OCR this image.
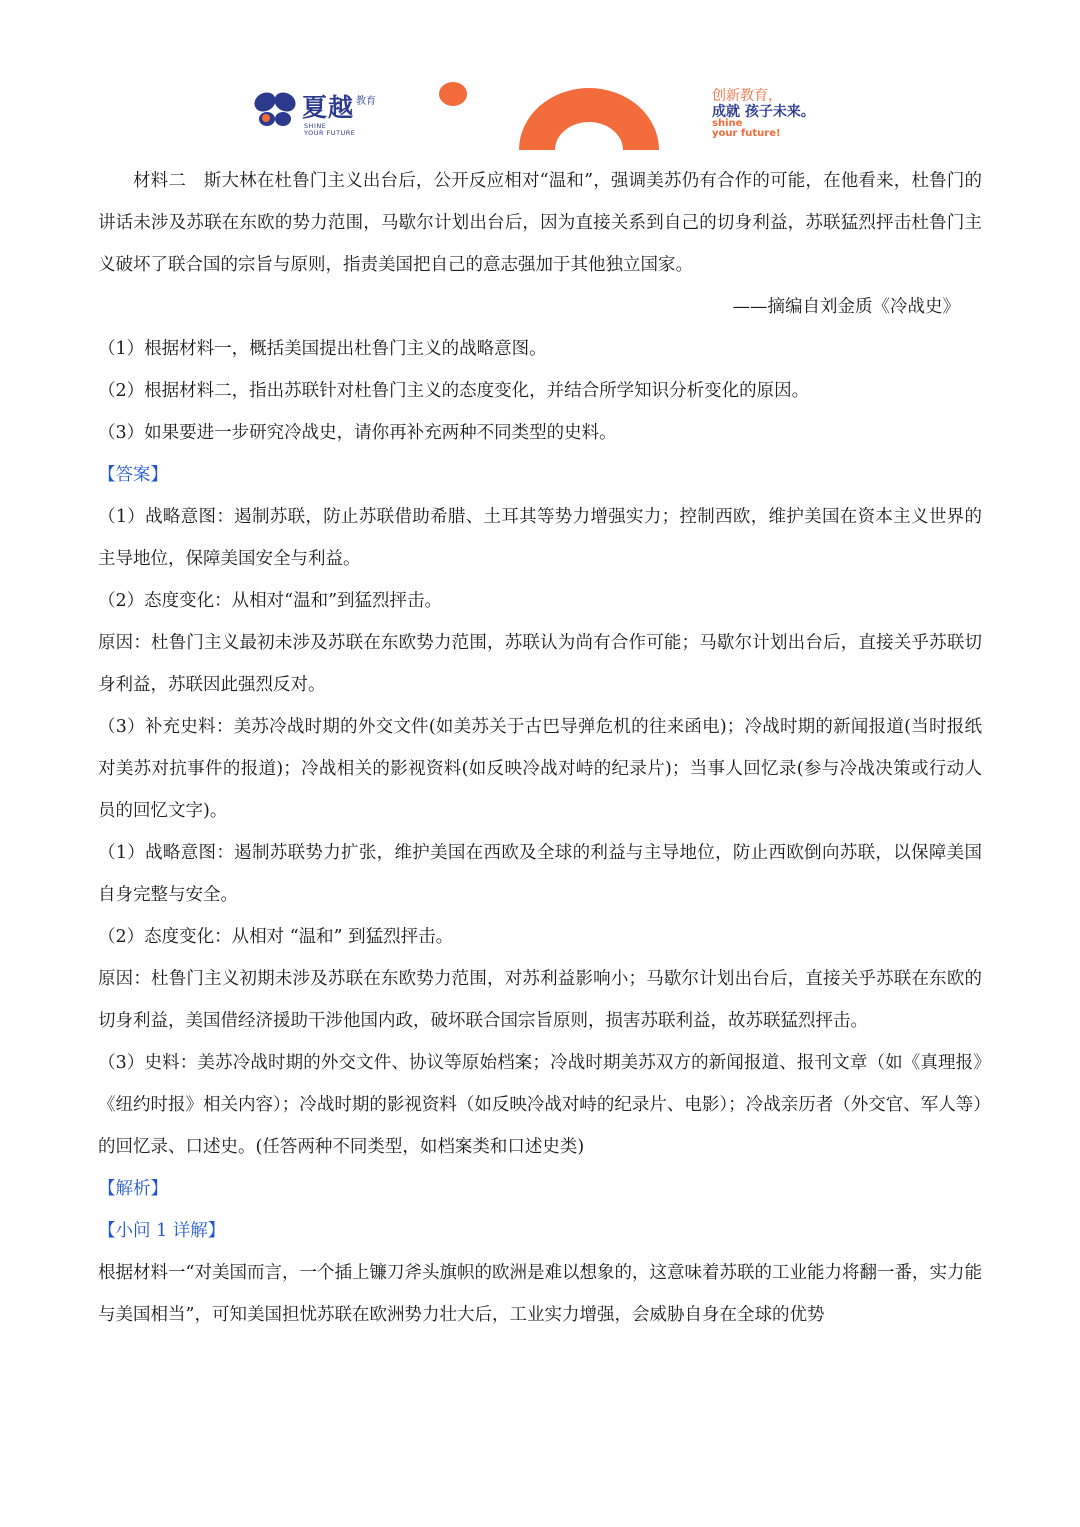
夏越 教育
SHINE
YOUR FUTURE
创新教育，
成就 孩子未来。
shine
your future!

材料二　斯大林在杜鲁门主义出台后，公开反应相对“温和”，强调美苏仍有合作的可能，在他看来，杜鲁门的讲话未涉及苏联在东欧的势力范围，马歇尔计划出台后，因为直接关系到自己的切身利益，苏联猛烈抨击杜鲁门主义破坏了联合国的宗旨与原则，指责美国把自己的意志强加于其他独立国家。

——摘编自刘金质《冷战史》

（1）根据材料一，概括美国提出杜鲁门主义的战略意图。

（2）根据材料二，指出苏联针对杜鲁门主义的态度变化，并结合所学知识分析变化的原因。

（3）如果要进一步研究冷战史，请你再补充两种不同类型的史料。

【答案】

（1）战略意图：遏制苏联，防止苏联借助希腊、土耳其等势力增强实力；控制西欧，维护美国在资本主义世界的主导地位，保障美国安全与利益。

（2）态度变化：从相对“温和”到猛烈抨击。

原因：杜鲁门主义最初未涉及苏联在东欧势力范围，苏联认为尚有合作可能；马歇尔计划出台后，直接关乎苏联切身利益，苏联因此强烈反对。

（3）补充史料：美苏冷战时期的外交文件(如美苏关于古巴导弹危机的往来函电)；冷战时期的新闻报道(当时报纸对美苏对抗事件的报道)；冷战相关的影视资料(如反映冷战对峙的纪录片)；当事人回忆录(参与冷战决策或行动人员的回忆文字)。

（1）战略意图：遏制苏联势力扩张，维护美国在西欧及全球的利益与主导地位，防止西欧倒向苏联，以保障美国自身完整与安全。

（2）态度变化：从相对 “温和” 到猛烈抨击。

原因：杜鲁门主义初期未涉及苏联在东欧势力范围，对苏利益影响小；马歇尔计划出台后，直接关乎苏联在东欧的切身利益，美国借经济援助干涉他国内政，破坏联合国宗旨原则，损害苏联利益，故苏联猛烈抨击。

（3）史料：美苏冷战时期的外交文件、协议等原始档案；冷战时期美苏双方的新闻报道、报刊文章（如《真理报》《纽约时报》相关内容）；冷战时期的影视资料（如反映冷战对峙的纪录片、电影）；冷战亲历者（外交官、军人等）的回忆录、口述史。(任答两种不同类型，如档案类和口述史类)

【解析】

【小问 1 详解】

根据材料一“对美国而言，一个插上镰刀斧头旗帜的欧洲是难以想象的，这意味着苏联的工业能力将翻一番，实力能与美国相当”，可知美国担忧苏联在欧洲势力壮大后，工业实力增强，会威胁自身在全球的优势
